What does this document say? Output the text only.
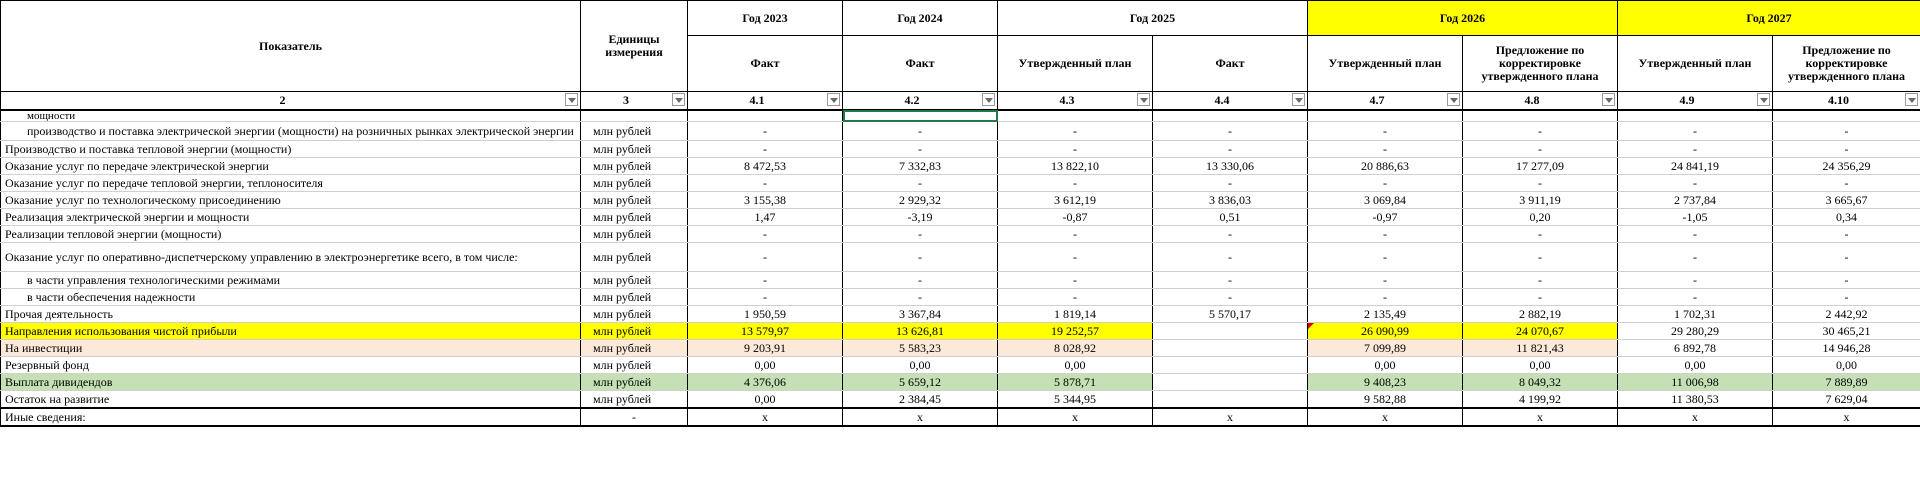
Показатель	Единицы измерения	Год 2023	Год 2024	Год 2025		Год 2026		Год 2027	
		Факт	Факт	Утвержденный план	Факт	Утвержденный план	Предложение по корректировке утвержденного плана	Утвержденный план	Предложение по корректировке утвержденного плана
2	3	4.1	4.2	4.3	4.4	4.7	4.8	4.9	4.10

мощности									
производство и поставка электрической энергии (мощности) на розничных рынках электрической энергии	млн рублей	-	-	-	-	-	-	-	-
Производство и поставка тепловой энергии (мощности)	млн рублей	-	-	-	-	-	-	-	-
Оказание услуг по передаче электрической энергии	млн рублей	8 472,53	7 332,83	13 822,10	13 330,06	20 886,63	17 277,09	24 841,19	24 356,29
Оказание услуг по передаче тепловой энергии, теплоносителя	млн рублей	-	-	-	-	-	-	-	-
Оказание услуг по технологическому присоединению	млн рублей	3 155,38	2 929,32	3 612,19	3 836,03	3 069,84	3 911,19	2 737,84	3 665,67
Реализация электрической энергии и мощности	млн рублей	1,47	-3,19	-0,87	0,51	-0,97	0,20	-1,05	0,34
Реализации тепловой энергии (мощности)	млн рублей	-	-	-	-	-	-	-	-
Оказание услуг по оперативно-диспетчерскому управлению в электроэнергетике всего, в том числе:	млн рублей	-	-	-	-	-	-	-	-
в части управления технологическими режимами	млн рублей	-	-	-	-	-	-	-	-
в части обеспечения надежности	млн рублей	-	-	-	-	-	-	-	-
Прочая деятельность	млн рублей	1 950,59	3 367,84	1 819,14	5 570,17	2 135,49	2 882,19	1 702,31	2 442,92
Направления использования чистой прибыли	млн рублей	13 579,97	13 626,81	19 252,57		26 090,99	24 070,67	29 280,29	30 465,21
На инвестиции	млн рублей	9 203,91	5 583,23	8 028,92		7 099,89	11 821,43	6 892,78	14 946,28
Резервный фонд	млн рублей	0,00	0,00	0,00		0,00	0,00	0,00	0,00
Выплата дивидендов	млн рублей	4 376,06	5 659,12	5 878,71		9 408,23	8 049,32	11 006,98	7 889,89
Остаток на развитие	млн рублей	0,00	2 384,45	5 344,95		9 582,88	4 199,92	11 380,53	7 629,04
Иные сведения:	-	x	x	x	x	x	x	x	x
